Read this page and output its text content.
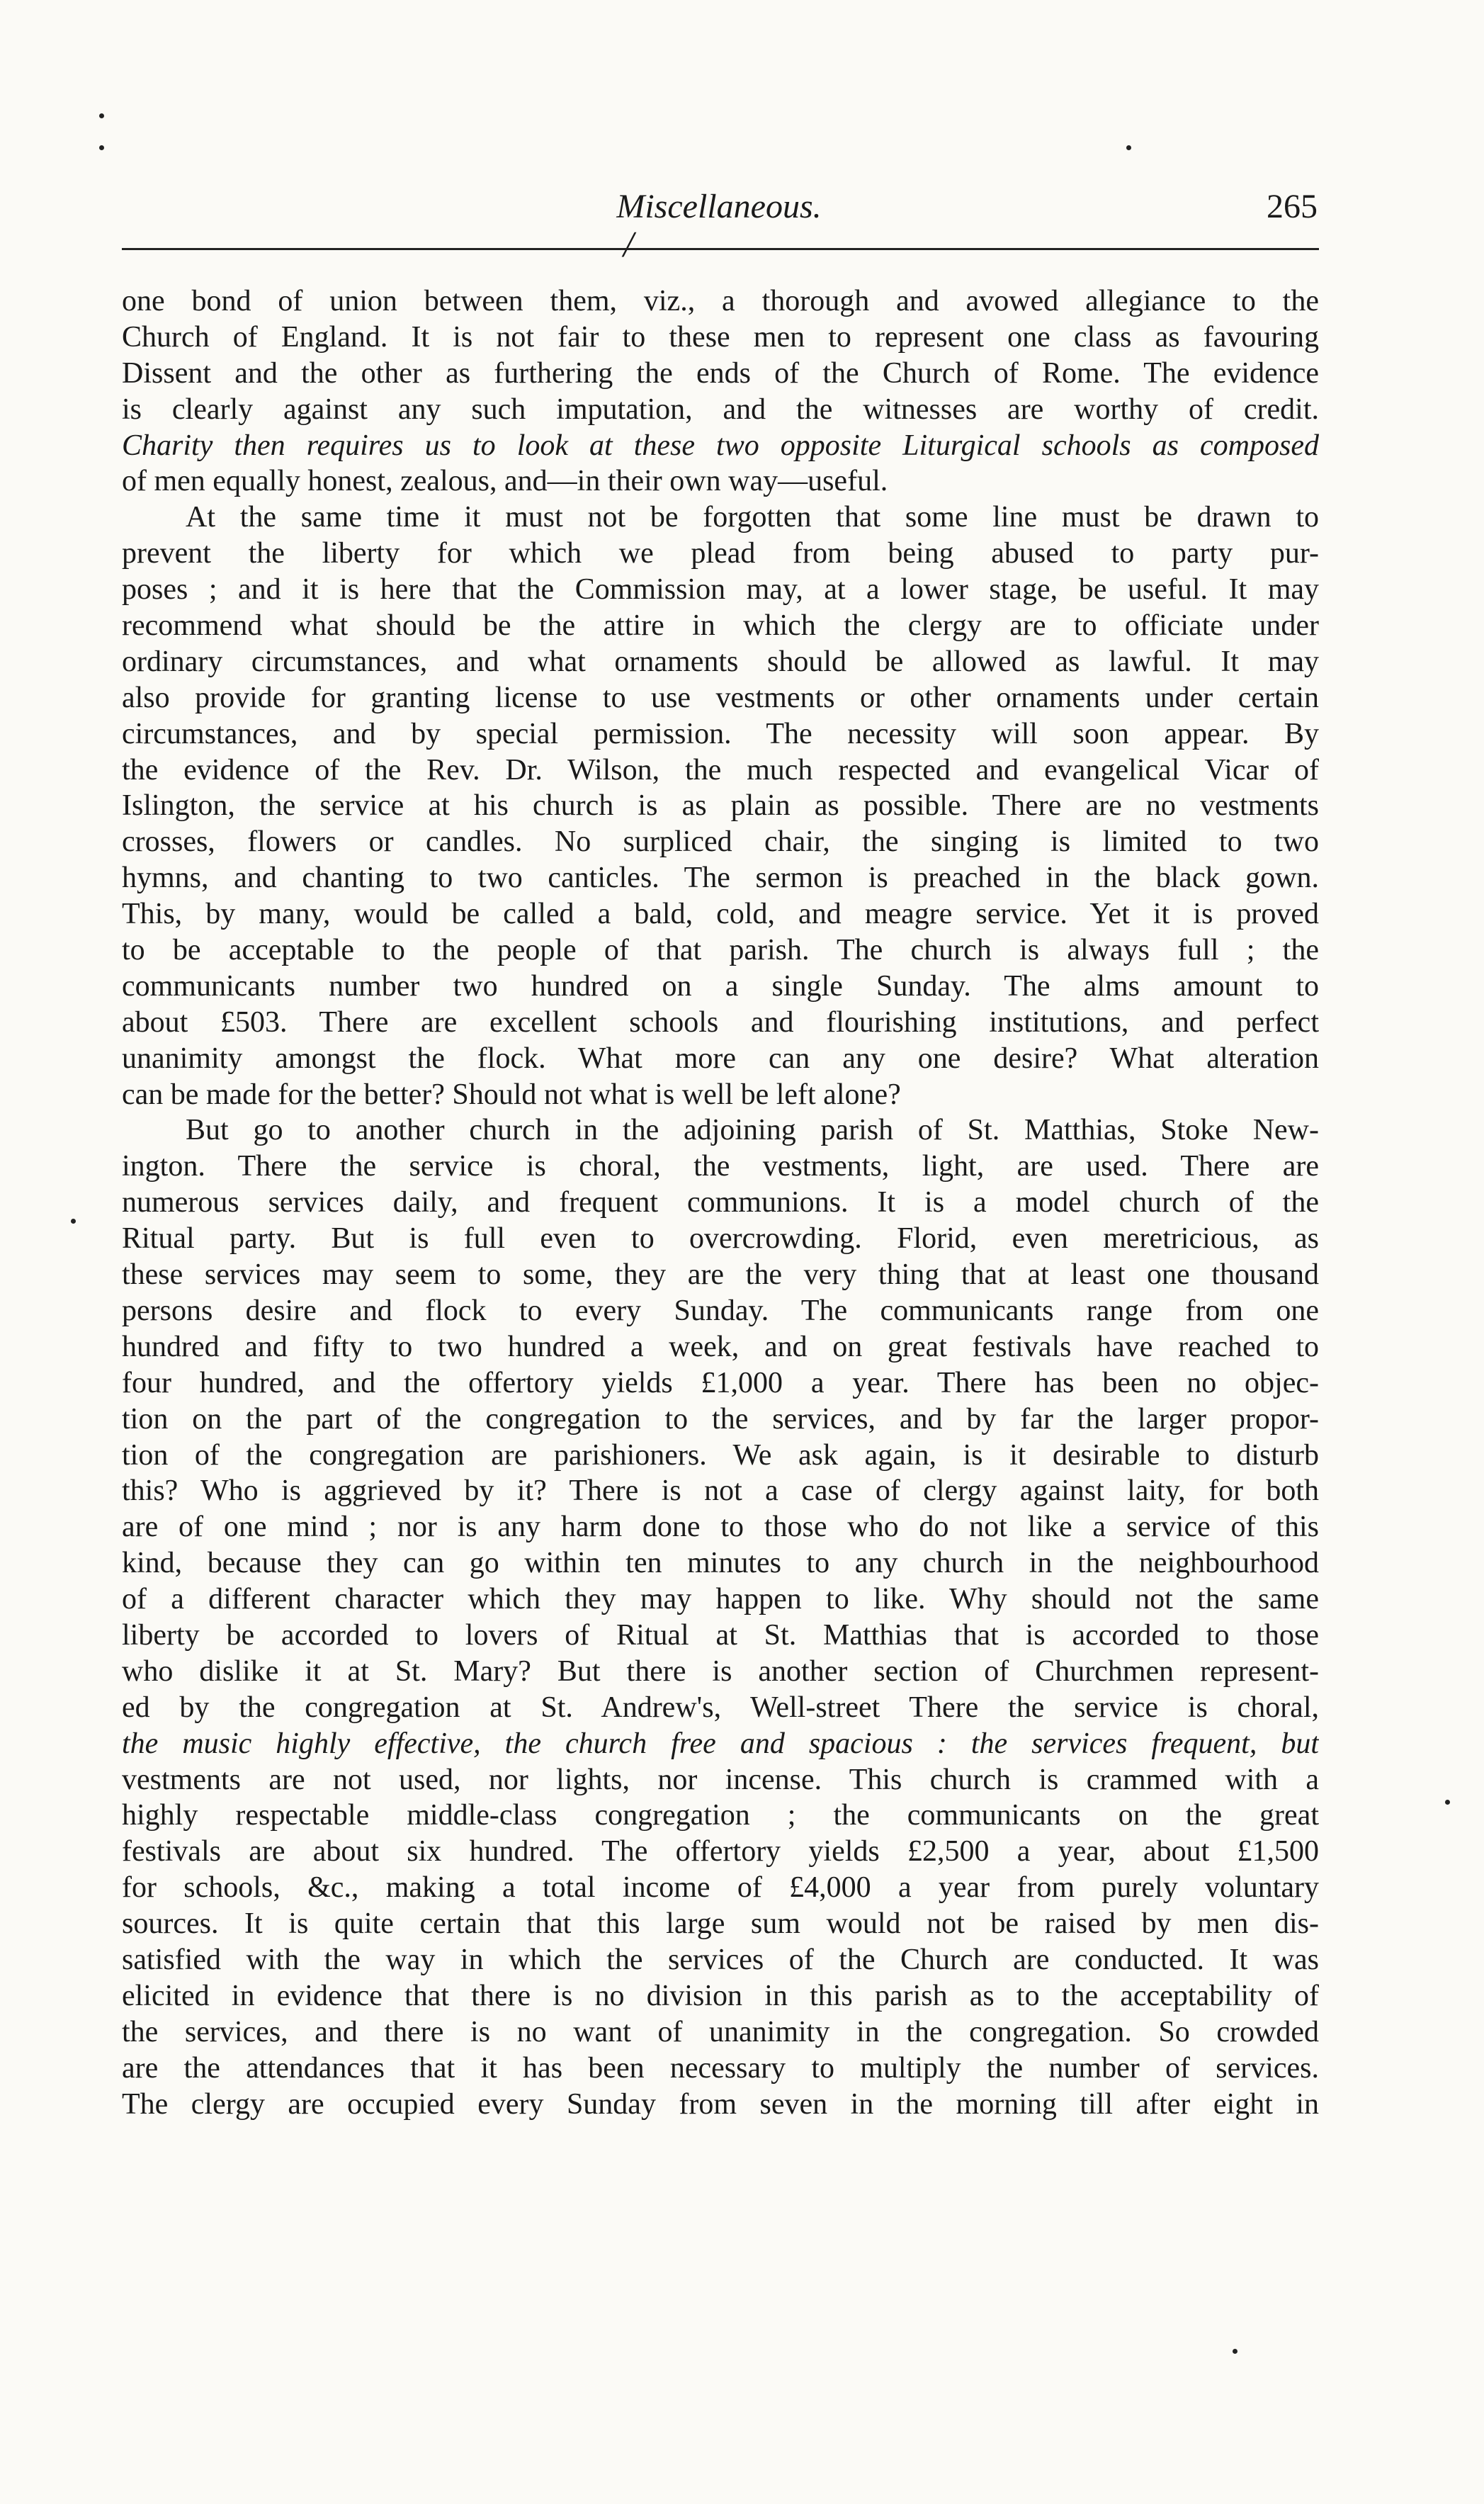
Miscellaneous.	265
/
one bond of union between them, viz., a thorough and avowed allegiance to the
Church of England. It is not fair to these men to represent one class as favouring
Dissent and the other as furthering the ends of the Church of Rome. The evidence
is clearly against any such imputation, and the witnesses are worthy of credit.
Charity then requires us to look at these two opposite Liturgical schools as composed
of men equally honest, zealous, and—in their own way—useful.
At the same time it must not be forgotten that some line must be drawn to
prevent the liberty for which we plead from being abused to party pur-
poses ; and it is here that the Commission may, at a lower stage, be useful. It may
recommend what should be the attire in which the clergy are to officiate under
ordinary circumstances, and what ornaments should be allowed as lawful. It may
also provide for granting license to use vestments or other ornaments under certain
circumstances, and by special permission. The necessity will soon appear. By
the evidence of the Rev. Dr. Wilson, the much respected and evangelical Vicar of
Islington, the service at his church is as plain as possible. There are no vestments
crosses, flowers or candles. No surpliced chair, the singing is limited to two
hymns, and chanting to two canticles. The sermon is preached in the black gown.
This, by many, would be called a bald, cold, and meagre service. Yet it is proved
to be acceptable to the people of that parish. The church is always full ; the
communicants number two hundred on a single Sunday. The alms amount to
about £503. There are excellent schools and flourishing institutions, and perfect
unanimity amongst the flock. What more can any one desire? What alteration
can be made for the better? Should not what is well be left alone?
But go to another church in the adjoining parish of St. Matthias, Stoke New-
ington. There the service is choral, the vestments, light, are used. There are
numerous services daily, and frequent communions. It is a model church of the
Ritual party. But is full even to overcrowding. Florid, even meretricious, as
these services may seem to some, they are the very thing that at least one thousand
persons desire and flock to every Sunday. The communicants range from one
hundred and fifty to two hundred a week, and on great festivals have reached to
four hundred, and the offertory yields £1,000 a year. There has been no objec-
tion on the part of the congregation to the services, and by far the larger propor-
tion of the congregation are parishioners. We ask again, is it desirable to disturb
this? Who is aggrieved by it? There is not a case of clergy against laity, for both
are of one mind ; nor is any harm done to those who do not like a service of this
kind, because they can go within ten minutes to any church in the neighbourhood
of a different character which they may happen to like. Why should not the same
liberty be accorded to lovers of Ritual at St. Matthias that is accorded to those
who dislike it at St. Mary? But there is another section of Churchmen represent-
ed by the congregation at St. Andrew's, Well-street There the service is choral,
the music highly effective, the church free and spacious : the services frequent, but
vestments are not used, nor lights, nor incense. This church is crammed with a
highly respectable middle-class congregation ; the communicants on the great
festivals are about six hundred. The offertory yields £2,500 a year, about £1,500
for schools, &c., making a total income of £4,000 a year from purely voluntary
sources. It is quite certain that this large sum would not be raised by men dis-
satisfied with the way in which the services of the Church are conducted. It was
elicited in evidence that there is no division in this parish as to the acceptability of
the services, and there is no want of unanimity in the congregation. So crowded
are the attendances that it has been necessary to multiply the number of services.
The clergy are occupied every Sunday from seven in the morning till after eight in
